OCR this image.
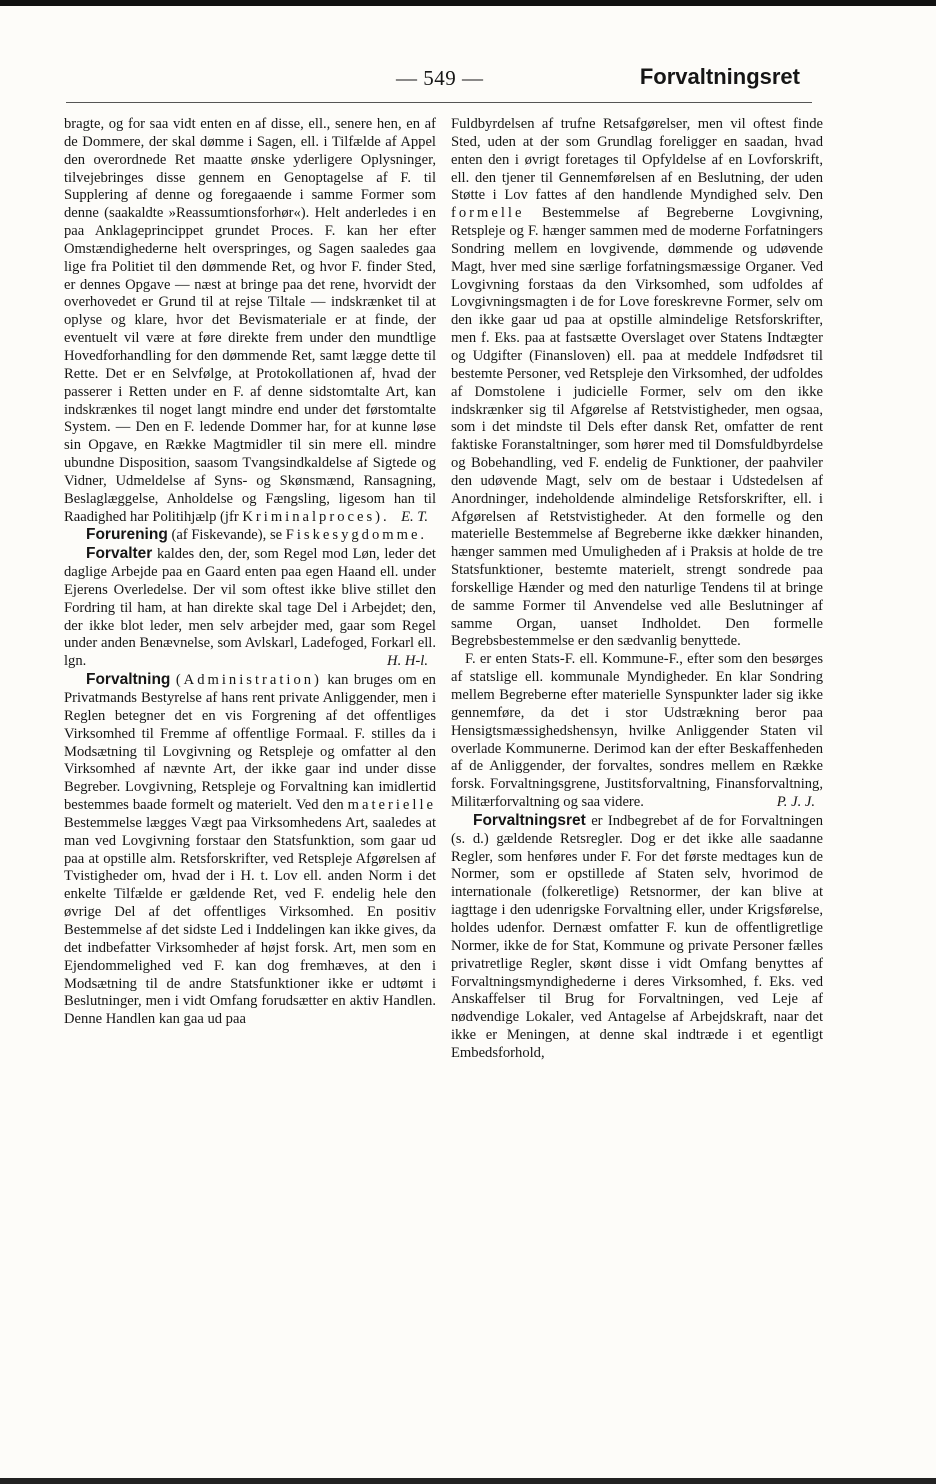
— 549 —	Forvaltningsret

bragte, og for saa vidt enten en af disse, ell., senere hen, en af de Dommere, der skal dømme i Sagen, ell. i Tilfælde af Appel den overordnede Ret maatte ønske yderligere Oplysninger, tilvejebringes disse gennem en Genoptagelse af F. til Supplering af denne og foregaaende i samme Former som denne (saakaldte »Reassumtionsforhør«). Helt anderledes i en paa Anklageprincippet grundet Proces. F. kan her efter Omstændighederne helt overspringes, og Sagen saaledes gaa lige fra Politiet til den dømmende Ret, og hvor F. finder Sted, er dennes Opgave — næst at bringe paa det rene, hvorvidt der overhovedet er Grund til at rejse Tiltale — indskrænket til at oplyse og klare, hvor det Bevismateriale er at finde, der eventuelt vil være at føre direkte frem under den mundtlige Hovedforhandling for den dømmende Ret, samt lægge dette til Rette. Det er en Selvfølge, at Protokollationen af, hvad der passerer i Retten under en F. af denne sidstomtalte Art, kan indskrænkes til noget langt mindre end under det førstomtalte System. — Den en F. ledende Dommer har, for at kunne løse sin Opgave, en Række Magtmidler til sin mere ell. mindre ubundne Disposition, saasom Tvangsindkaldelse af Sigtede og Vidner, Udmeldelse af Syns- og Skønsmænd, Ransagning, Beslaglæggelse, Anholdelse og Fængsling, ligesom han til Raadighed har Politihjælp (jfr Kriminalproces). E. T.

Forurening (af Fiskevande), se Fiskesygdomme.

Forvalter kaldes den, der, som Regel mod Løn, leder det daglige Arbejde paa en Gaard enten paa egen Haand ell. under Ejerens Overledelse. Der vil som oftest ikke blive stillet den Fordring til ham, at han direkte skal tage Del i Arbejdet; den, der ikke blot leder, men selv arbejder med, gaar som Regel under anden Benævnelse, som Avlskarl, Ladefoged, Forkarl ell. lgn.	H. H-l.

Forvaltning (Administration) kan bruges om en Privatmands Bestyrelse af hans rent private Anliggender, men i Reglen betegner det en vis Forgrening af det offentliges Virksomhed til Fremme af offentlige Formaal. F. stilles da i Modsætning til Lovgivning og Retspleje og omfatter al den Virksomhed af nævnte Art, der ikke gaar ind under disse Begreber. Lovgivning, Retspleje og Forvaltning kan imidlertid bestemmes baade formelt og materielt. Ved den materielle Bestemmelse lægges Vægt paa Virksomhedens Art, saaledes at man ved Lovgivning forstaar den Statsfunktion, som gaar ud paa at opstille alm. Retsforskrifter, ved Retspleje Afgørelsen af Tvistigheder om, hvad der i H. t. Lov ell. anden Norm i det enkelte Tilfælde er gældende Ret, ved F. endelig hele den øvrige Del af det offentliges Virksomhed. En positiv Bestemmelse af det sidste Led i Inddelingen kan ikke gives, da det indbefatter Virksomheder af højst forsk. Art, men som en Ejendommelighed ved F. kan dog fremhæves, at den i Modsætning til de andre Statsfunktioner ikke er udtømt i Beslutninger, men i vidt Omfang forudsætter en aktiv Handlen. Denne Handlen kan gaa ud paa

Fuldbyrdelsen af trufne Retsafgørelser, men vil oftest finde Sted, uden at der som Grundlag foreligger en saadan, hvad enten den i øvrigt foretages til Opfyldelse af en Lovforskrift, ell. den tjener til Gennemførelsen af en Beslutning, der uden Støtte i Lov fattes af den handlende Myndighed selv. Den formelle Bestemmelse af Begreberne Lovgivning, Retspleje og F. hænger sammen med de moderne Forfatningers Sondring mellem en lovgivende, dømmende og udøvende Magt, hver med sine særlige forfatningsmæssige Organer. Ved Lovgivning forstaas da den Virksomhed, som udfoldes af Lovgivningsmagten i de for Love foreskrevne Former, selv om den ikke gaar ud paa at opstille almindelige Retsforskrifter, men f. Eks. paa at fastsætte Overslaget over Statens Indtægter og Udgifter (Finansloven) ell. paa at meddele Indfødsret til bestemte Personer, ved Retspleje den Virksomhed, der udfoldes af Domstolene i judicielle Former, selv om den ikke indskrænker sig til Afgørelse af Retstvistigheder, men ogsaa, som i det mindste til Dels efter dansk Ret, omfatter de rent faktiske Foranstaltninger, som hører med til Domsfuldbyrdelse og Bobehandling, ved F. endelig de Funktioner, der paahviler den udøvende Magt, selv om de bestaar i Udstedelsen af Anordninger, indeholdende almindelige Retsforskrifter, ell. i Afgørelsen af Retstvistigheder. At den formelle og den materielle Bestemmelse af Begreberne ikke dækker hinanden, hænger sammen med Umuligheden af i Praksis at holde de tre Statsfunktioner, bestemte materielt, strengt sondrede paa forskellige Hænder og med den naturlige Tendens til at bringe de samme Former til Anvendelse ved alle Beslutninger af samme Organ, uanset Indholdet. Den formelle Begrebsbestemmelse er den sædvanlig benyttede.

F. er enten Stats-F. ell. Kommune-F., efter som den besørges af statslige ell. kommunale Myndigheder. En klar Sondring mellem Begreberne efter materielle Synspunkter lader sig ikke gennemføre, da det i stor Udstrækning beror paa Hensigtsmæssighedshensyn, hvilke Anliggender Staten vil overlade Kommunerne. Derimod kan der efter Beskaffenheden af de Anliggender, der forvaltes, sondres mellem en Række forsk. Forvaltningsgrene, Justitsforvaltning, Finansforvaltning, Militærforvaltning og saa videre.	P. J. J.

Forvaltningsret er Indbegrebet af de for Forvaltningen (s. d.) gældende Retsregler. Dog er det ikke alle saadanne Regler, som henføres under F. For det første medtages kun de Normer, som er opstillede af Staten selv, hvorimod de internationale (folkeretlige) Retsnormer, der kan blive at iagttage i den udenrigske Forvaltning eller, under Krigsførelse, holdes udenfor. Dernæst omfatter F. kun de offentligretlige Normer, ikke de for Stat, Kommune og private Personer fælles privatretlige Regler, skønt disse i vidt Omfang benyttes af Forvaltningsmyndighederne i deres Virksomhed, f. Eks. ved Anskaffelser til Brug for Forvaltningen, ved Leje af nødvendige Lokaler, ved Antagelse af Arbejdskraft, naar det ikke er Meningen, at denne skal indtræde i et egentligt Embedsforhold,
